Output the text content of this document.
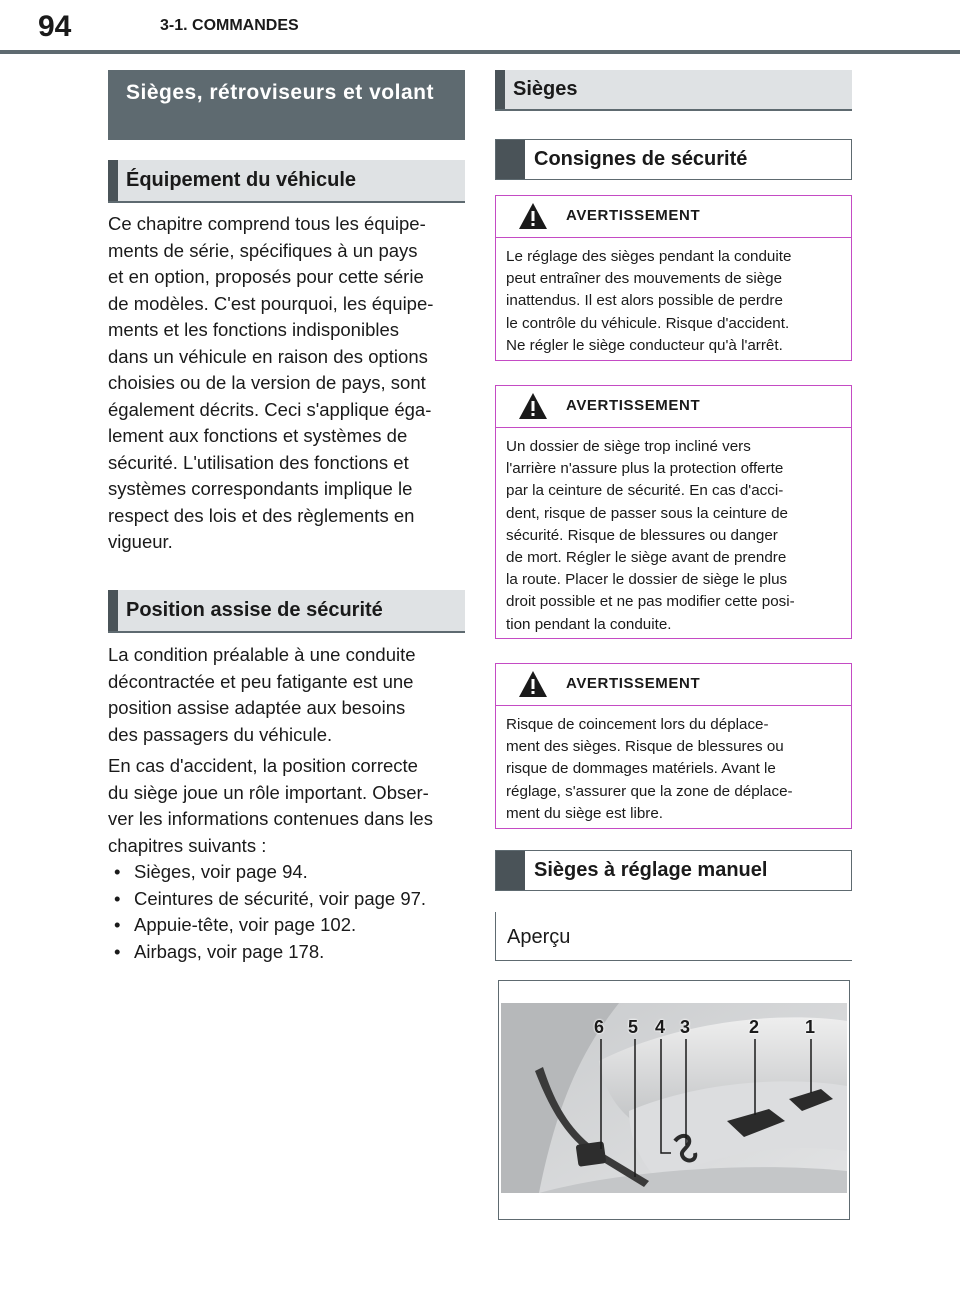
94	3-1. COMMANDES
Sièges, rétroviseurs et volant
Équipement du véhicule
Ce chapitre comprend tous les équipe-
ments de série, spécifiques à un pays
et en option, proposés pour cette série
de modèles. C'est pourquoi, les équipe-
ments et les fonctions indisponibles
dans un véhicule en raison des options
choisies ou de la version de pays, sont
également décrits. Ceci s'applique éga-
lement aux fonctions et systèmes de
sécurité. L'utilisation des fonctions et
systèmes correspondants implique le
respect des lois et des règlements en
vigueur.
Position assise de sécurité
La condition préalable à une conduite
décontractée et peu fatigante est une
position assise adaptée aux besoins
des passagers du véhicule.
En cas d'accident, la position correcte
du siège joue un rôle important. Obser-
ver les informations contenues dans les
chapitres suivants :
• Sièges, voir page 94.
• Ceintures de sécurité, voir page 97.
• Appuie-tête, voir page 102.
• Airbags, voir page 178.
Sièges
Consignes de sécurité
AVERTISSEMENT
Le réglage des sièges pendant la conduite
peut entraîner des mouvements de siège
inattendus. Il est alors possible de perdre
le contrôle du véhicule. Risque d'accident.
Ne régler le siège conducteur qu'à l'arrêt.
AVERTISSEMENT
Un dossier de siège trop incliné vers
l'arrière n'assure plus la protection offerte
par la ceinture de sécurité. En cas d'acci-
dent, risque de passer sous la ceinture de
sécurité. Risque de blessures ou danger
de mort. Régler le siège avant de prendre
la route. Placer le dossier de siège le plus
droit possible et ne pas modifier cette posi-
tion pendant la conduite.
AVERTISSEMENT
Risque de coincement lors du déplace-
ment des sièges. Risque de blessures ou
risque de dommages matériels. Avant le
réglage, s'assurer que la zone de déplace-
ment du siège est libre.
Sièges à réglage manuel
Aperçu
6 5 4 3	2	1
